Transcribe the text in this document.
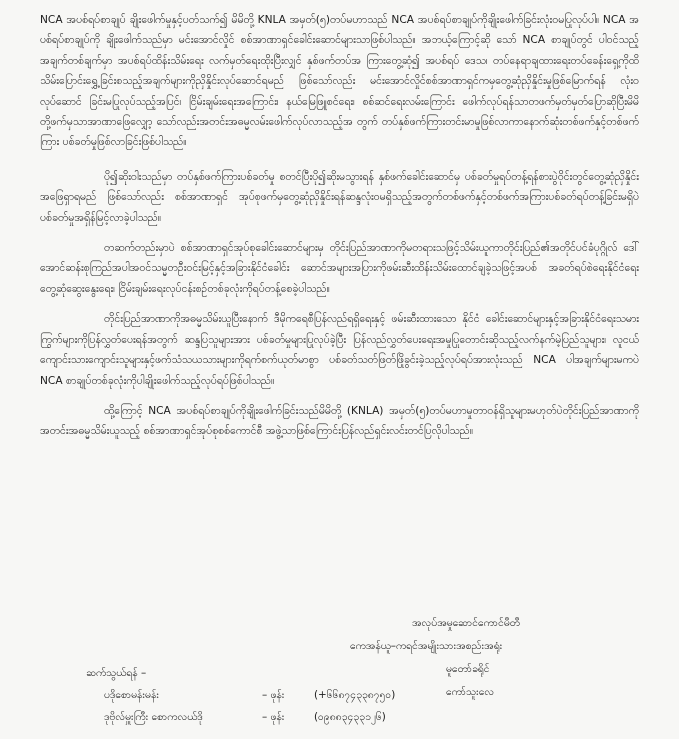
NCA အပစ်ရပ်စာချုပ် ချိုးဖေါက်မှုနှင့်ပတ်သက်၍ မိမိတို့ KNLA အမှတ်(၅)တပ်မဟာသည် NCA အပစ်ရပ်စာချုပ်ကိုချိုးဖေါက်ခြင်းလုံးဝမပြုလုပ်ပါ။ NCA အပစ်ရပ်စာချုပ်ကို ချိုးဖေါက်သည်မှာ မင်းအောင်လှိုင် စစ်အာဏာရှင်ခေါင်းဆောင်များသာဖြစ်ပါသည်။ အဘယ့်ကြောင့်ဆို သော် NCA စာချုပ်တွင် ပါဝင်သည့် အချက်တစ်ချက်မှာ အပစ်ရပ်ထိန်းသိမ်းရေး လက်မှတ်ရေးထိုးပြီးလျှင် နှစ်ဖက်တပ်အ ကြားတွေ့ဆုံ၍ အပစ်ရပ် ဒေသ၊ တပ်နေရာချထားရေးတပ်ခေန်းရှေ့ကိုထိသိမ်းပြောင်းရွှေ့ခြင်းစသည့်အချက်များကိုညှိနှိုင်းလုပ်ဆောင်ရမည် ဖြစ်သော်လည်း မင်းအောင်လှိုင်စစ်အာဏာရှင်ကမှတွေ့ဆုံညှိနှိုင်းမှုဖြစ်မြောက်ရန် လုံးဝလုပ်ဆောင် ခြင်းမပြုလုပ်သည့်အပြင်၊ ငြိမ်းချမ်းရေးအကြောင်း၊ နယ်မြေဖြူစင်ရေး၊ စစ်ဆင်ရေးလမ်းကြောင်း ဖေါက်လုပ်ရန်သာတဖက်မှတ်မှတ်ပြောဆိုပြီးမိမိတို့ဖက်မှသာအာဏာဖြေလျှော့ သော်လည်းအတင်းအဓမ္မလမ်းဖေါက်လုပ်လာသည့်အ တွက် တပ်နှစ်ဖက်ကြားတင်းမာမှုဖြစ်လာကာနောက်ဆုံးတစ်ဖက်နှင့်တစ်ဖက်ကြား ပစ်ခတ်မှုဖြစ်လာခြင်းဖြစ်ပါသည်။

ပို၍ဆိုးဝါးသည်မှာ တပ်နှစ်ဖက်ကြားပစ်ခတ်မှု စတင်ပြီးပို၍ဆိုးမသွားရန် နှစ်ဖက်ခေါင်းဆောင်မှ ပစ်ခတ်မှုရပ်တန့်ရန်စားပွဲဝိုင်းတွင်တွေ့ဆုံညှိနှိုင်း အဖြေရှာရမည် ဖြစ်သော်လည်း စစ်အာဏာရှင် အုပ်စုဖက်မှတွေ့ဆုံညှိနှိုင်းရန်ဆန္ဒလုံးဝမရှိသည့်အတွက်တစ်ဖက်နှင့်တစ်ဖက်အကြားပစ်ခတ်ရပ်တန့်ခြင်းမရှိပဲ ပစ်ခတ်မှုအရှိန်မြင့်လာခဲ့ပါသည်။

တဆက်တည်းမှာပဲ စစ်အာဏာရှင်အုပ်စုခေါင်းဆောင်များမှ တိုင်းပြည်အာဏာကိုမတရားသဖြင့်သိမ်းယူကာတိုင်းပြည်၏အတိုင်ပင်ခံပုဂ္ဂိုလ် ဒေါ်အောင်ဆန်းစုကြည်အပါအဝင်သမ္မတဦးဝင်းမြင့်နှင့်အခြားနိုင်ငံခေါင်း ဆောင်အများအပြားကိုဖမ်းဆီးထိန်းသိမ်းထောင်ချခဲ့သဖြင့်အပစ် အခတ်ရပ်စဲရေးနိုင်ငံရေးတွေ့ဆုံဆွေးနွေးရေး၊ ငြိမ်းချမ်းရေးလုပ်ငန်းစဉ်တစ်ခုလုံးကိုရပ်တန့်စေခဲ့ပါသည်။

တိုင်းပြည်အာဏာကိုအဓမ္မသိမ်းယူပြီးနောက် ဒီမိုကရေစီပြန်လည်ရရှိရေးနှင့် ဖမ်းဆီးထားသော နိုင်ငံ ခေါင်းဆောင်များနှင့်အခြားနိုင်ငံရေးသမားကြွက်များကိုပြန်လွှတ်ပေးရန်အတွက် ဆန္ဒပြသူများအား ပစ်ခတ်မှုများပြုလုပ်ခဲ့ပြီး ပြန်လည်လွှတ်ပေးရေးအမှုပြုတောင်းဆိုသည့်လက်နက်မဲ့ပြည်သူများ၊ လူငယ်ကျောင်းသားကျောင်းသူများနှင့်ဖက်သံသယသားများကိုရက်စက်ယုတ်မာစွာ ပစ်ခတ်သတ်ဖြတ်ဖြိုခွင်းခဲ့သည့်လုပ်ရပ်အားလုံးသည် NCA ပါအချက်များမကပဲ NCA စာချုပ်တစ်ခုလုံးကိုပါချိုးဖေါက်သည့်လုပ်ရပ်ဖြစ်ပါသည်။

ထို့ကြောင့် NCA အပစ်ရပ်စာချုပ်ကိုချိုးဖေါက်ခြင်းသည်မိမိတို့ (KNLA) အမှတ်(၅)တပ်မဟာမှုတာဝန်ရှိသူများမဟုတ်ပဲတိုင်းပြည်အာဏာကို အတင်းအဓမ္မသိမ်းယူသည့် စစ်အာဏာရှင်အုပ်စုစစ်ကောင်စီ အဖွဲ့သာဖြစ်ကြောင်းပြန်လည်ရှင်းလင်းတင်ပြလိုပါသည်။

အလုပ်အမှုဆောင်ကောင်မီတီ
ကေအန်ယူ–ကရင်အမျိုးသားအစည်းအရုံး
မူတော်ခရိုင်
ကော်သူးလေ
ဆက်သွယ်ရန် –
ပဒိုစောမန်းမန်း	– ဖုန်း	(+၆၆၈၇၄၃၃၈၇၅၀)
ဒုဗိုလ်မှူးကြီး စောကလယ်ဒို	– ဖုန်း	(၀၉၈၈၃၄၃၃၁၂၆)
